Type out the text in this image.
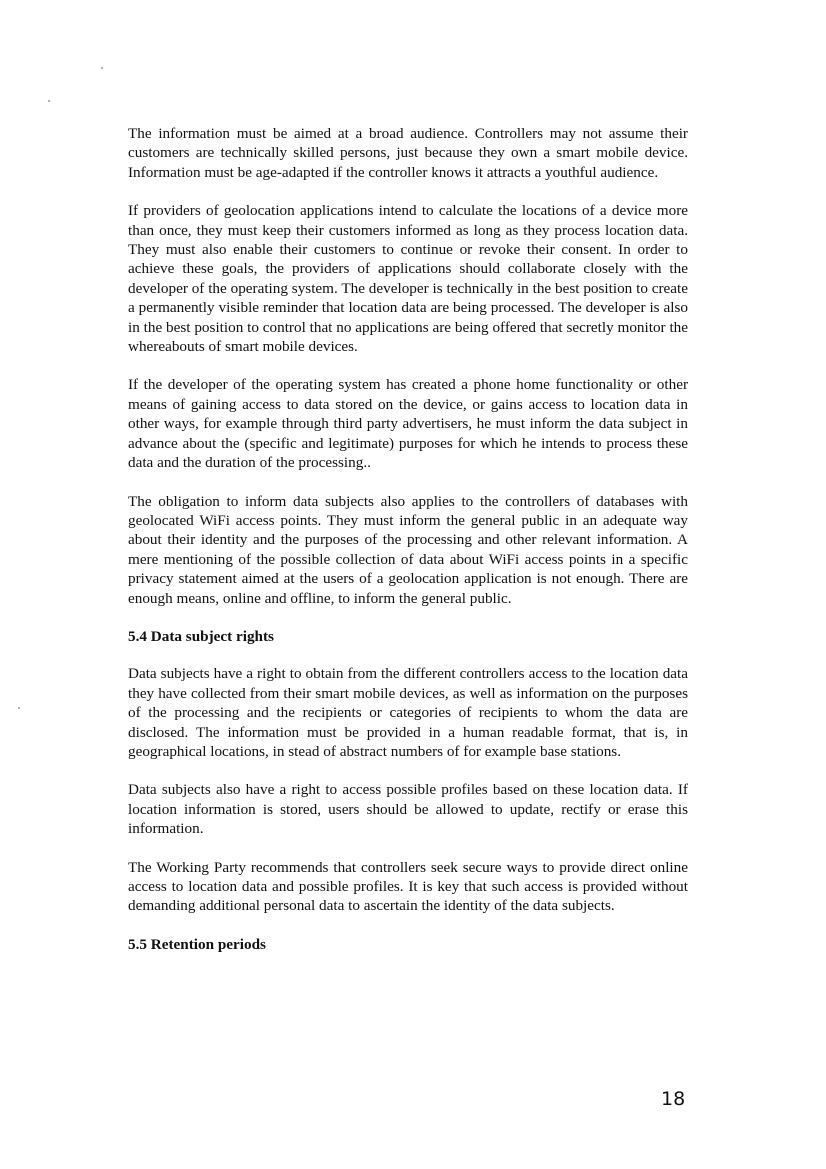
The information must be aimed at a broad audience. Controllers may not assume their customers are technically skilled persons, just because they own a smart mobile device. Information must be age-adapted if the controller knows it attracts a youthful audience.

If providers of geolocation applications intend to calculate the locations of a device more than once, they must keep their customers informed as long as they process location data. They must also enable their customers to continue or revoke their consent. In order to achieve these goals, the providers of applications should collaborate closely with the developer of the operating system. The developer is technically in the best position to create a permanently visible reminder that location data are being processed. The developer is also in the best position to control that no applications are being offered that secretly monitor the whereabouts of smart mobile devices.

If the developer of the operating system has created a phone home functionality or other means of gaining access to data stored on the device, or gains access to location data in other ways, for example through third party advertisers, he must inform the data subject in advance about the (specific and legitimate) purposes for which he intends to process these data and the duration of the processing..

The obligation to inform data subjects also applies to the controllers of databases with geolocated WiFi access points. They must inform the general public in an adequate way about their identity and the purposes of the processing and other relevant information. A mere mentioning of the possible collection of data about WiFi access points in a specific privacy statement aimed at the users of a geolocation application is not enough. There are enough means, online and offline, to inform the general public.

5.4 Data subject rights

Data subjects have a right to obtain from the different controllers access to the location data they have collected from their smart mobile devices, as well as information on the purposes of the processing and the recipients or categories of recipients to whom the data are disclosed. The information must be provided in a human readable format, that is, in geographical locations, in stead of abstract numbers of for example base stations.

Data subjects also have a right to access possible profiles based on these location data. If location information is stored, users should be allowed to update, rectify or erase this information.

The Working Party recommends that controllers seek secure ways to provide direct online access to location data and possible profiles. It is key that such access is provided without demanding additional personal data to ascertain the identity of the data subjects.

5.5 Retention periods
18
